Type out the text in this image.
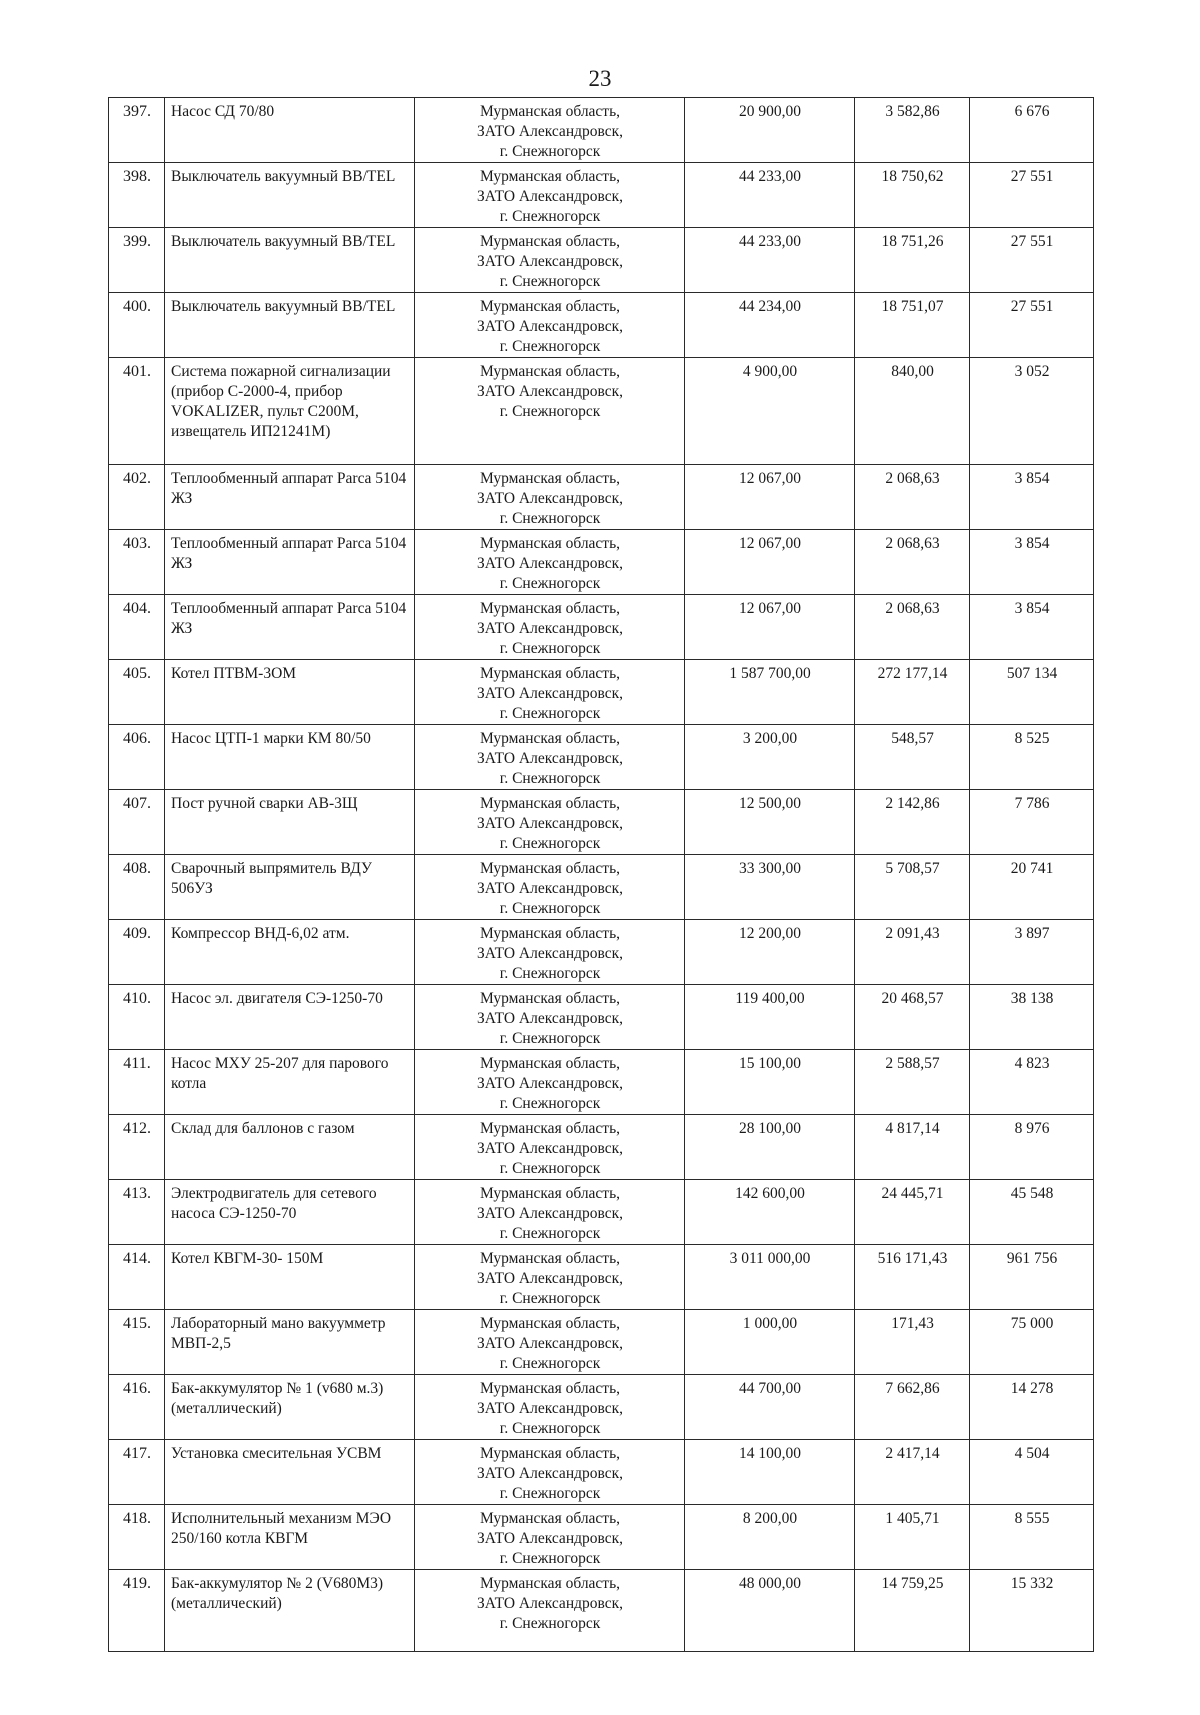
23
397.	Насос СД 70/80	Мурманская область,
ЗАТО Александровск,
г. Снежногорск	20 900,00	3 582,86	6 676
398.	Выключатель вакуумный ВВ/TEL	Мурманская область,
ЗАТО Александровск,
г. Снежногорск	44 233,00	18 750,62	27 551
399.	Выключатель вакуумный ВВ/TEL	Мурманская область,
ЗАТО Александровск,
г. Снежногорск	44 233,00	18 751,26	27 551
400.	Выключатель вакуумный ВВ/TEL	Мурманская область,
ЗАТО Александровск,
г. Снежногорск	44 234,00	18 751,07	27 551
401.	Система пожарной сигнализации (прибор С-2000-4, прибор VOKALIZER, пульт С200М, извещатель ИП21241М)	Мурманская область,
ЗАТО Александровск,
г. Снежногорск	4 900,00	840,00	3 052
402.	Теплообменный аппарат Parca 5104 ЖЗ	Мурманская область,
ЗАТО Александровск,
г. Снежногорск	12 067,00	2 068,63	3 854
403.	Теплообменный аппарат Parca 5104 ЖЗ	Мурманская область,
ЗАТО Александровск,
г. Снежногорск	12 067,00	2 068,63	3 854
404.	Теплообменный аппарат Parca 5104 ЖЗ	Мурманская область,
ЗАТО Александровск,
г. Снежногорск	12 067,00	2 068,63	3 854
405.	Котел ПТВМ-3ОМ	Мурманская область,
ЗАТО Александровск,
г. Снежногорск	1 587 700,00	272 177,14	507 134
406.	Насос ЦТП-1 марки КМ 80/50	Мурманская область,
ЗАТО Александровск,
г. Снежногорск	3 200,00	548,57	8 525
407.	Пост ручной сварки АВ-3Щ	Мурманская область,
ЗАТО Александровск,
г. Снежногорск	12 500,00	2 142,86	7 786
408.	Сварочный выпрямитель ВДУ 506УЗ	Мурманская область,
ЗАТО Александровск,
г. Снежногорск	33 300,00	5 708,57	20 741
409.	Компрессор ВНД-6,02 атм.	Мурманская область,
ЗАТО Александровск,
г. Снежногорск	12 200,00	2 091,43	3 897
410.	Насос эл. двигателя СЭ-1250-70	Мурманская область,
ЗАТО Александровск,
г. Снежногорск	119 400,00	20 468,57	38 138
411.	Насос МХУ 25-207 для парового котла	Мурманская область,
ЗАТО Александровск,
г. Снежногорск	15 100,00	2 588,57	4 823
412.	Склад для баллонов с газом	Мурманская область,
ЗАТО Александровск,
г. Снежногорск	28 100,00	4 817,14	8 976
413.	Электродвигатель для сетевого насоса СЭ-1250-70	Мурманская область,
ЗАТО Александровск,
г. Снежногорск	142 600,00	24 445,71	45 548
414.	Котел КВГМ-30- 150М	Мурманская область,
ЗАТО Александровск,
г. Снежногорск	3 011 000,00	516 171,43	961 756
415.	Лабораторный мано вакуумметр МВП-2,5	Мурманская область,
ЗАТО Александровск,
г. Снежногорск	1 000,00	171,43	75 000
416.	Бак-аккумулятор № 1 (v680 м.3) (металлический)	Мурманская область,
ЗАТО Александровск,
г. Снежногорск	44 700,00	7 662,86	14 278
417.	Установка смесительная УСВМ	Мурманская область,
ЗАТО Александровск,
г. Снежногорск	14 100,00	2 417,14	4 504
418.	Исполнительный механизм МЭО 250/160 котла КВГМ	Мурманская область,
ЗАТО Александровск,
г. Снежногорск	8 200,00	1 405,71	8 555
419.	Бак-аккумулятор № 2 (V680М3) (металлический)	Мурманская область,
ЗАТО Александровск,
г. Снежногорск	48 000,00	14 759,25	15 332
